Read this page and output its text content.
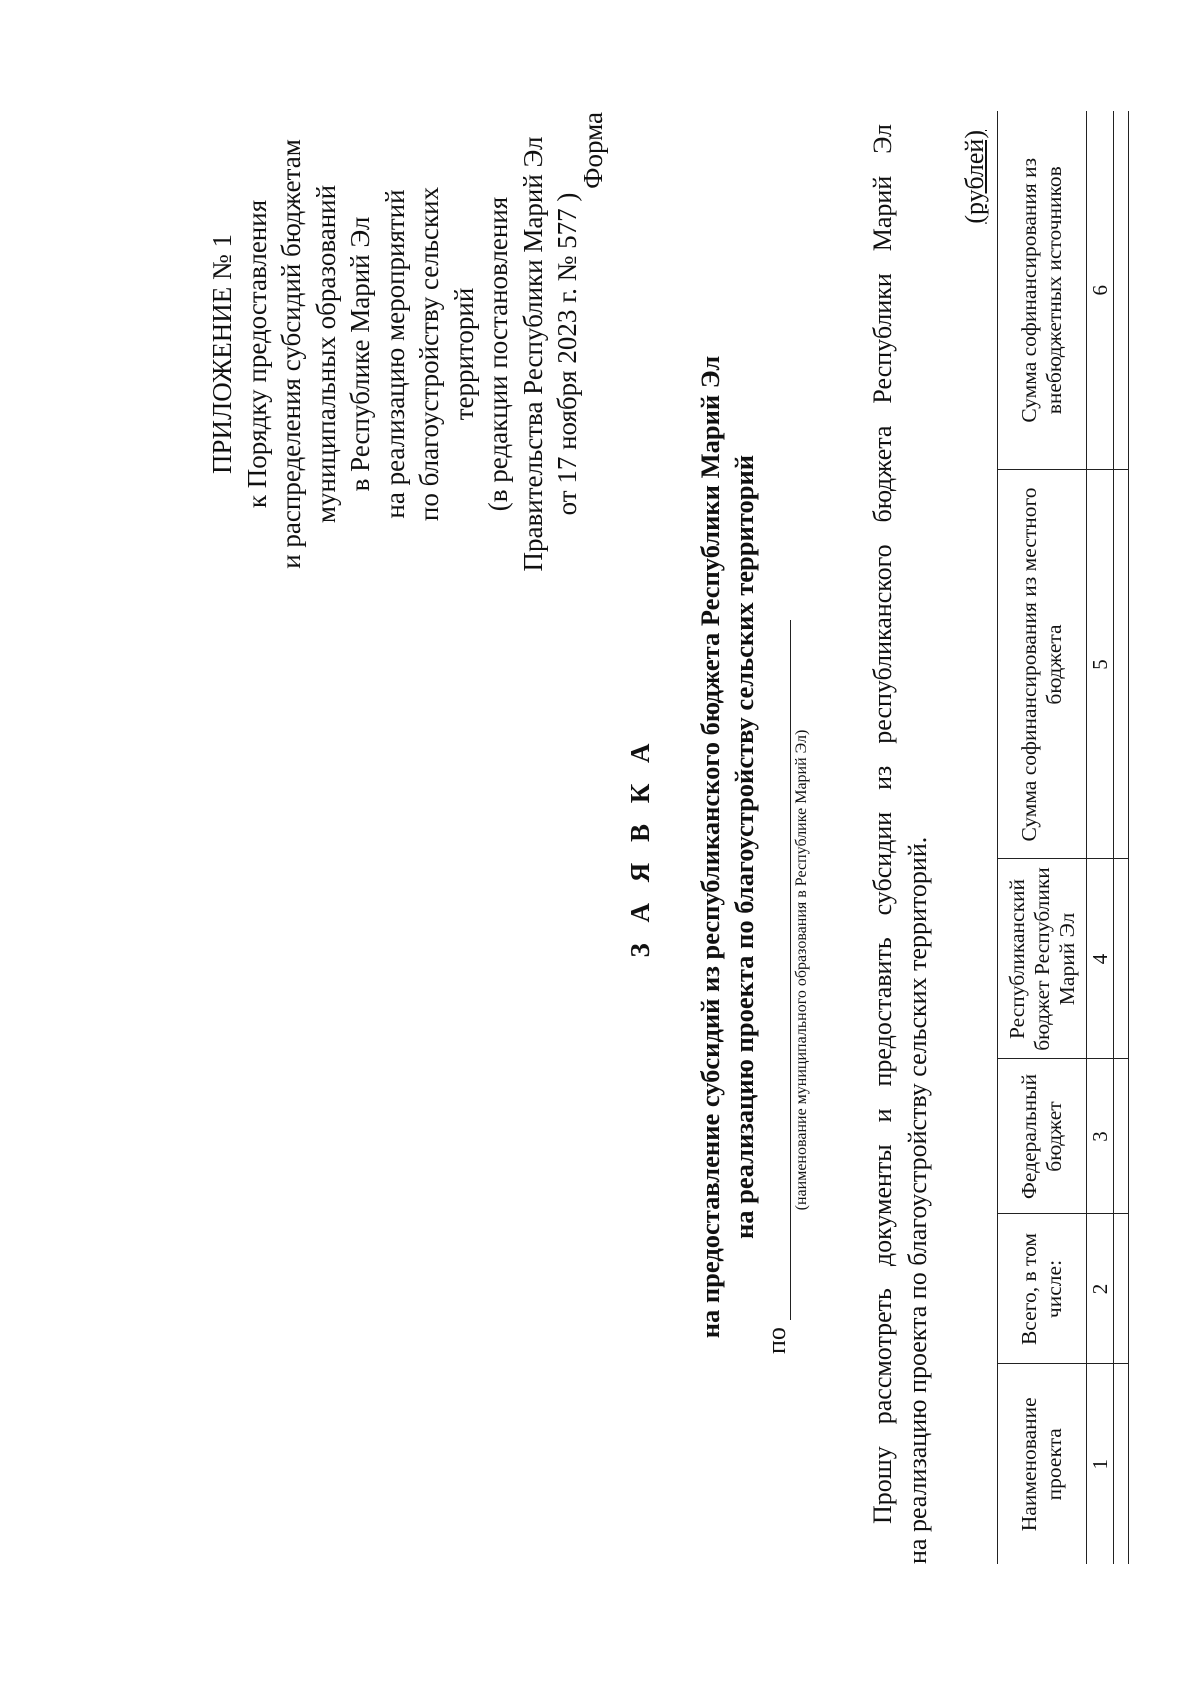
ПРИЛОЖЕНИЕ № 1 к Порядку предоставления и распределения субсидий бюджетам муниципальных образований в Республике Марий Эл на реализацию мероприятий по благоустройству сельских территорий (в редакции постановления Правительства Республики Марий Эл от 17 ноября 2023 г. № 577 )
Форма
З А Я В К А на предоставление субсидий из республиканского бюджета Республики Марий Эл на реализацию проекта по благоустройству сельских территорий
по
(наименование муниципального образования в Республике Марий Эл) Прошу рассмотреть документы и предоставить субсидии из республиканского бюджета Республики Марий Эл на реализацию проекта по благоустройству сельских территорий.
(рублей)
Наименование проекта	Всего, в том числе:	Федеральный бюджет	Республиканский бюджет Республики Марий Эл	Сумма софинансирования из местного бюджета	Сумма софинансирования из внебюджетных источников
1	2	3	4	5	6
